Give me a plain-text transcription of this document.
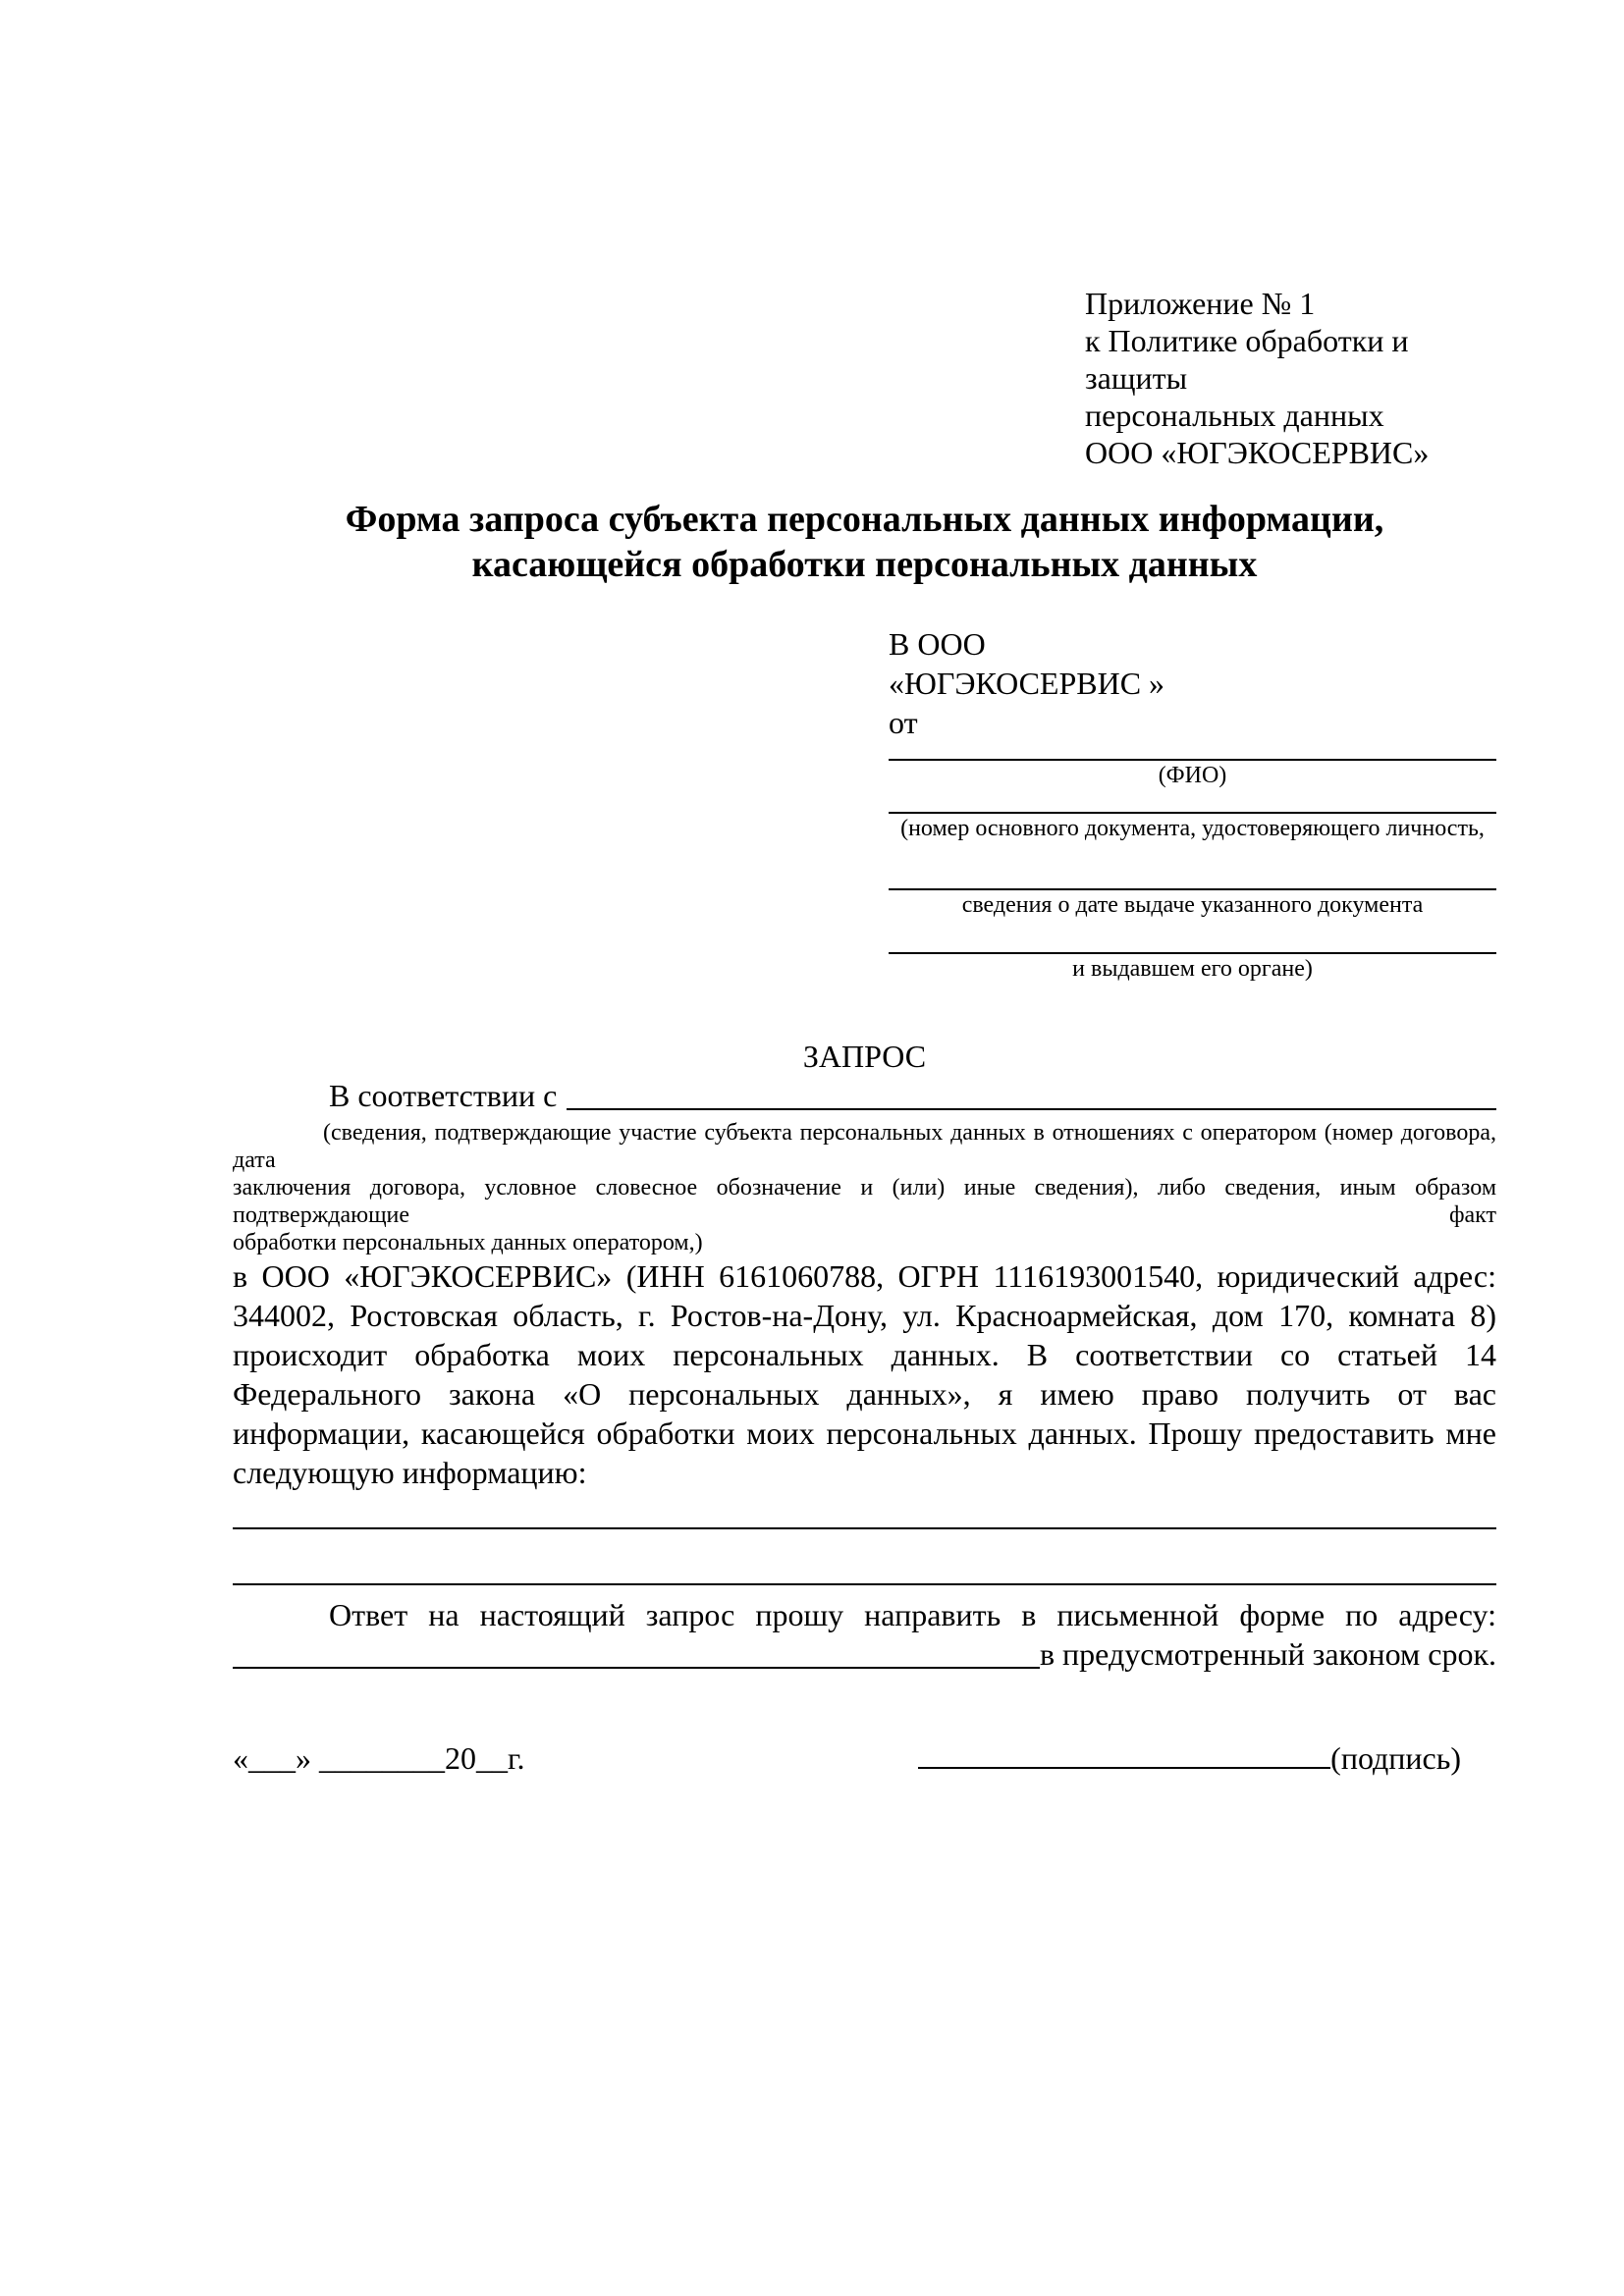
Приложение № 1
к Политике обработки и защиты
персональных данных
ООО «ЮГЭКОСЕРВИС»
Форма запроса субъекта персональных данных информации,
касающейся обработки персональных данных
В ООО
«ЮГЭКОСЕРВИС »
от
(ФИО)
(номер основного документа, удостоверяющего личность,
сведения о дате выдаче указанного документа
и выдавшем его органе)
ЗАПРОС
В соответствии с
(сведения, подтверждающие участие субъекта персональных данных в отношениях с оператором (номер договора, дата
заключения договора, условное словесное обозначение и (или) иные сведения), либо сведения, иным образом подтверждающие факт
обработки персональных данных оператором,)
в ООО «ЮГЭКОСЕРВИС» (ИНН 6161060788, ОГРН 1116193001540, юридический адрес:
344002, Ростовская область, г. Ростов-на-Дону, ул. Красноармейская, дом 170, комната 8)
происходит обработка моих персональных данных. В соответствии со статьей 14
Федерального закона «О персональных данных», я имею право получить от вас
информации, касающейся обработки моих персональных данных. Прошу предоставить мне
следующую информацию:
Ответ на настоящий запрос прошу направить в письменной форме по адресу:
в предусмотренный законом срок.
«___» ________20__г.	(подпись)
